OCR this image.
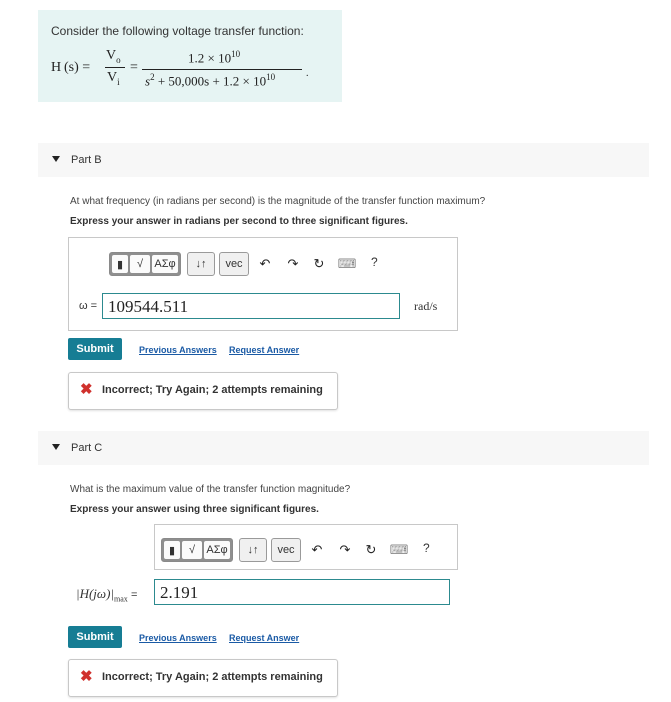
Consider the following voltage transfer function:
H (s) =
$V_o$
$V_i$
=
$1.2 \times 10^{10}$
$s^2 + 50,000s + 1.2 \times 10^{10}$	.
Part B
At what frequency (in radians per second) is the magnitude of the transfer function maximum?
Express your answer in radians per second to three significant figures.
▮	√	ΑΣφ	↓↑	vec	↶	↷	↻	⌨ ?
ω = 109544.511	rad/s
Submit	Previous Answers Request Answer
✖ Incorrect; Try Again; 2 attempts remaining
Part C
What is the maximum value of the transfer function magnitude?
Express your answer using three significant figures.
▮	√	ΑΣφ	↓↑	vec	↶	↷	↻	⌨ ?
$|H(j\omega)|_{max}$ =	2.191
Submit	Previous Answers Request Answer
✖ Incorrect; Try Again; 2 attempts remaining
